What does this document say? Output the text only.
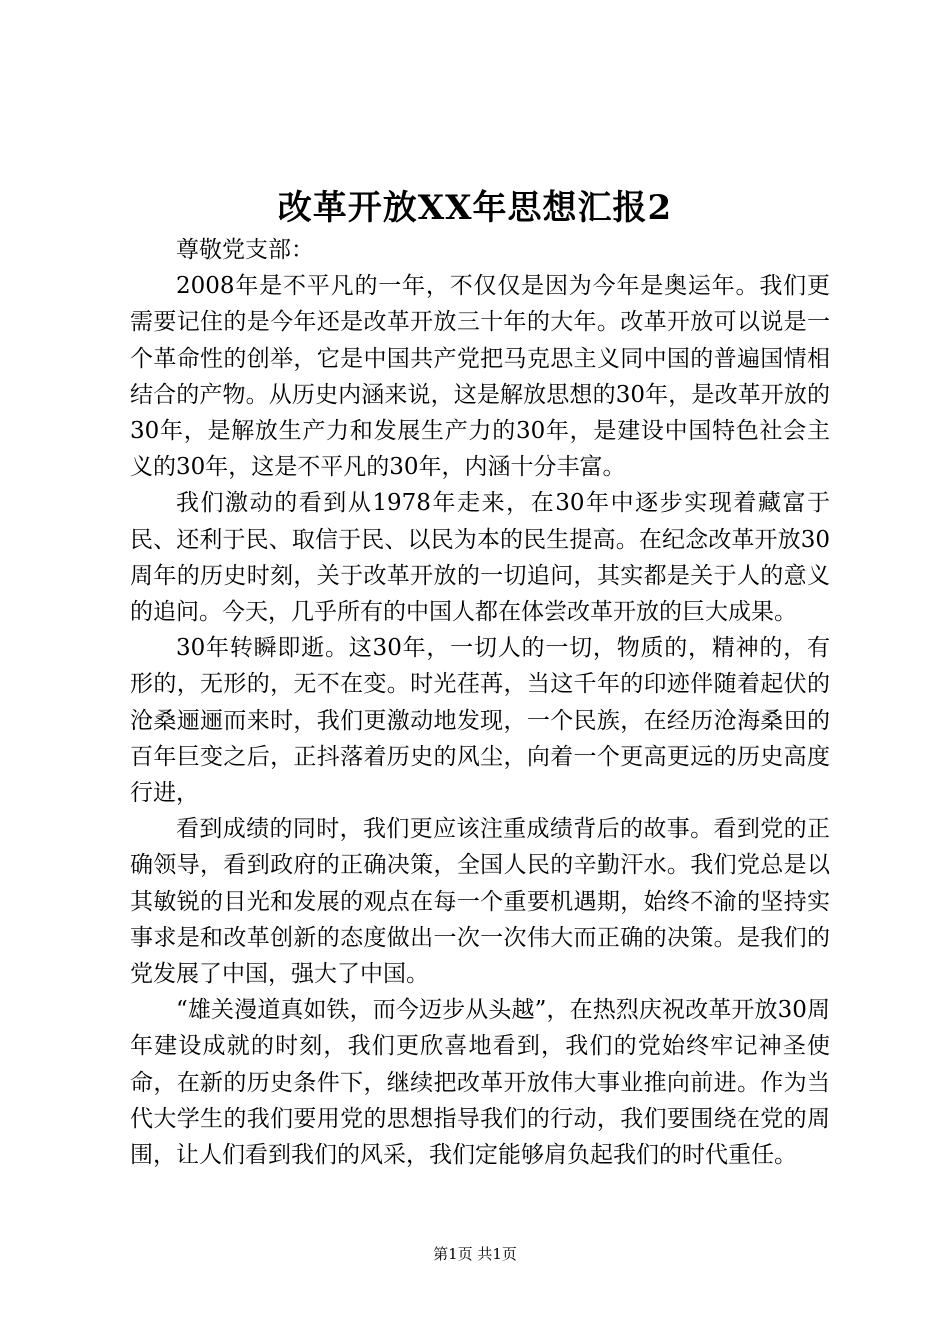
改革开放XX年思想汇报2

尊敬党支部：

2008年是不平凡的一年，不仅仅是因为今年是奥运年。我们更需要记住的是今年还是改革开放三十年的大年。改革开放可以说是一个革命性的创举，它是中国共产党把马克思主义同中国的普遍国情相结合的产物。从历史内涵来说，这是解放思想的30年，是改革开放的30年，是解放生产力和发展生产力的30年，是建设中国特色社会主义的30年，这是不平凡的30年，内涵十分丰富。

我们激动的看到从1978年走来，在30年中逐步实现着藏富于民、还利于民、取信于民、以民为本的民生提高。在纪念改革开放30周年的历史时刻，关于改革开放的一切追问，其实都是关于人的意义的追问。今天，几乎所有的中国人都在体尝改革开放的巨大成果。

30年转瞬即逝。这30年，一切人的一切，物质的，精神的，有形的，无形的，无不在变。时光荏苒，当这千年的印迹伴随着起伏的沧桑逦逦而来时，我们更激动地发现，一个民族，在经历沧海桑田的百年巨变之后，正抖落着历史的风尘，向着一个更高更远的历史高度行进，

看到成绩的同时，我们更应该注重成绩背后的故事。看到党的正确领导，看到政府的正确决策，全国人民的辛勤汗水。我们党总是以其敏锐的目光和发展的观点在每一个重要机遇期，始终不渝的坚持实事求是和改革创新的态度做出一次一次伟大而正确的决策。是我们的党发展了中国，强大了中国。

“雄关漫道真如铁，而今迈步从头越”，在热烈庆祝改革开放30周年建设成就的时刻，我们更欣喜地看到，我们的党始终牢记神圣使命，在新的历史条件下，继续把改革开放伟大事业推向前进。作为当代大学生的我们要用党的思想指导我们的行动，我们要围绕在党的周围，让人们看到我们的风采，我们定能够肩负起我们的时代重任。

第1页 共1页
